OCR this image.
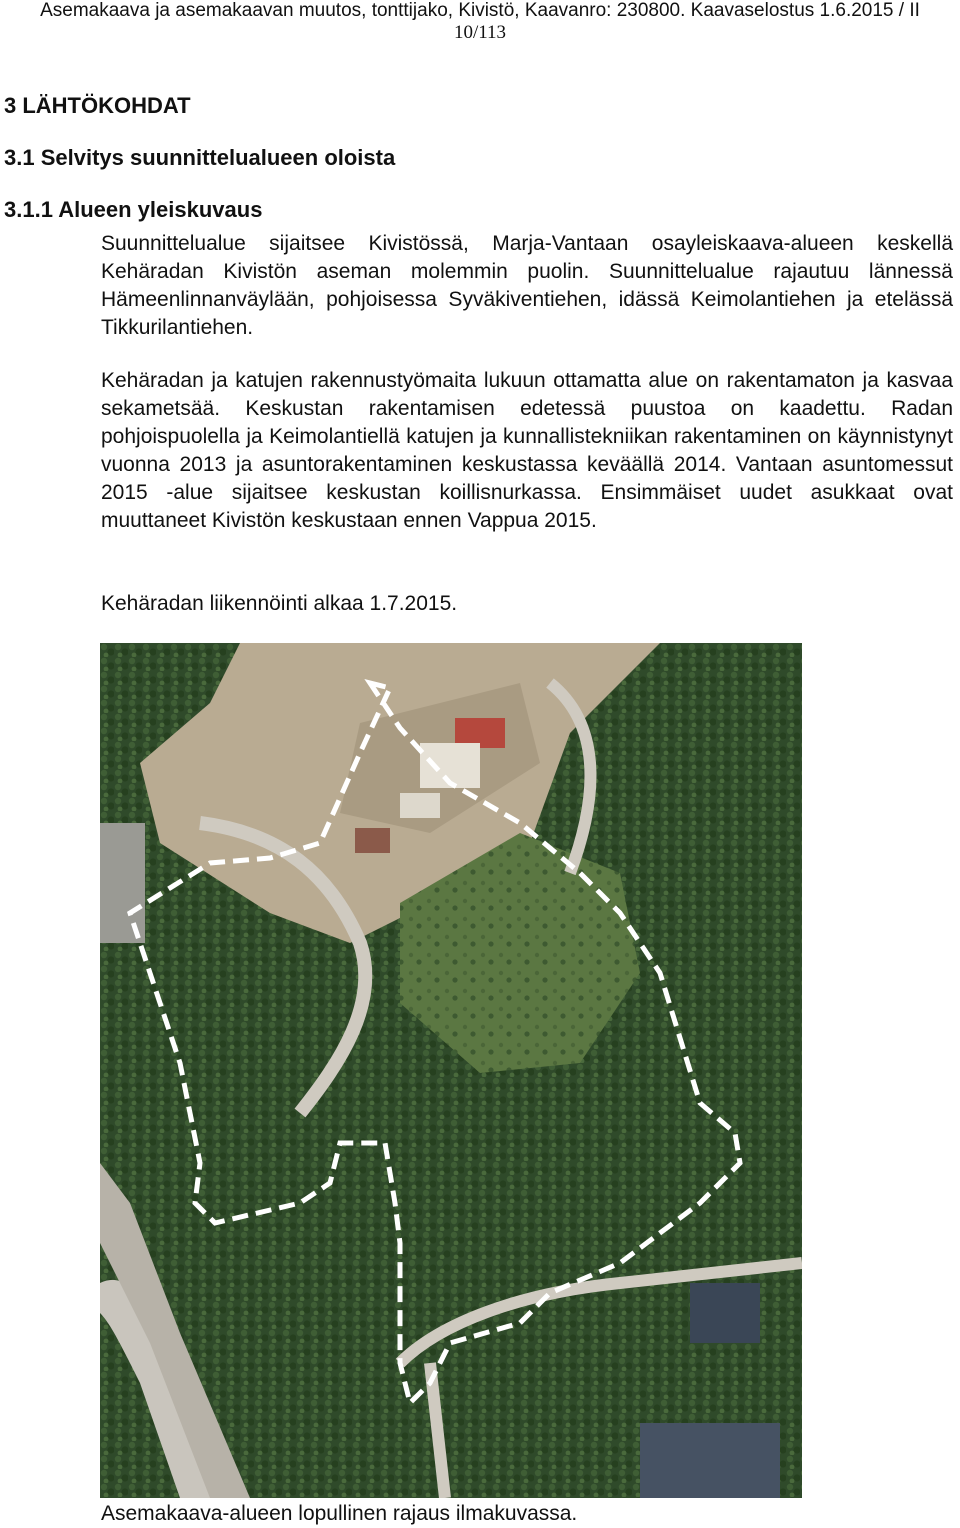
Asemakaava ja asemakaavan muutos, tonttijako, Kivistö, Kaavanro: 230800. Kaavaselostus 1.6.2015 / II
10/113
3 LÄHTÖKOHDAT
3.1 Selvitys suunnittelualueen oloista
3.1.1 Alueen yleiskuvaus
Suunnittelualue sijaitsee Kivistössä, Marja-Vantaan osayleiskaava-alueen keskellä Kehäradan Kivistön aseman molemmin puolin. Suunnittelualue rajautuu lännessä Hämeenlinnanväylään, pohjoisessa Syväkiventiehen, idässä Keimolantiehen ja etelässä Tikkurilantiehen.
Kehäradan ja katujen rakennustyömaita lukuun ottamatta alue on rakentamaton ja kasvaa sekametsää. Keskustan rakentamisen edetessä puustoa on kaadettu. Radan pohjoispuolella ja Keimolantiellä katujen ja kunnallistekniikan rakentaminen on käynnistynyt vuonna 2013 ja asuntorakentaminen keskustassa keväällä 2014. Vantaan asuntomessut 2015 -alue sijaitsee keskustan koillisnurkassa. Ensimmäiset uudet asukkaat ovat muuttaneet Kivistön keskustaan ennen Vappua 2015.
Kehäradan liikennöinti alkaa 1.7.2015.
Asemakaava-alueen lopullinen rajaus ilmakuvassa.
